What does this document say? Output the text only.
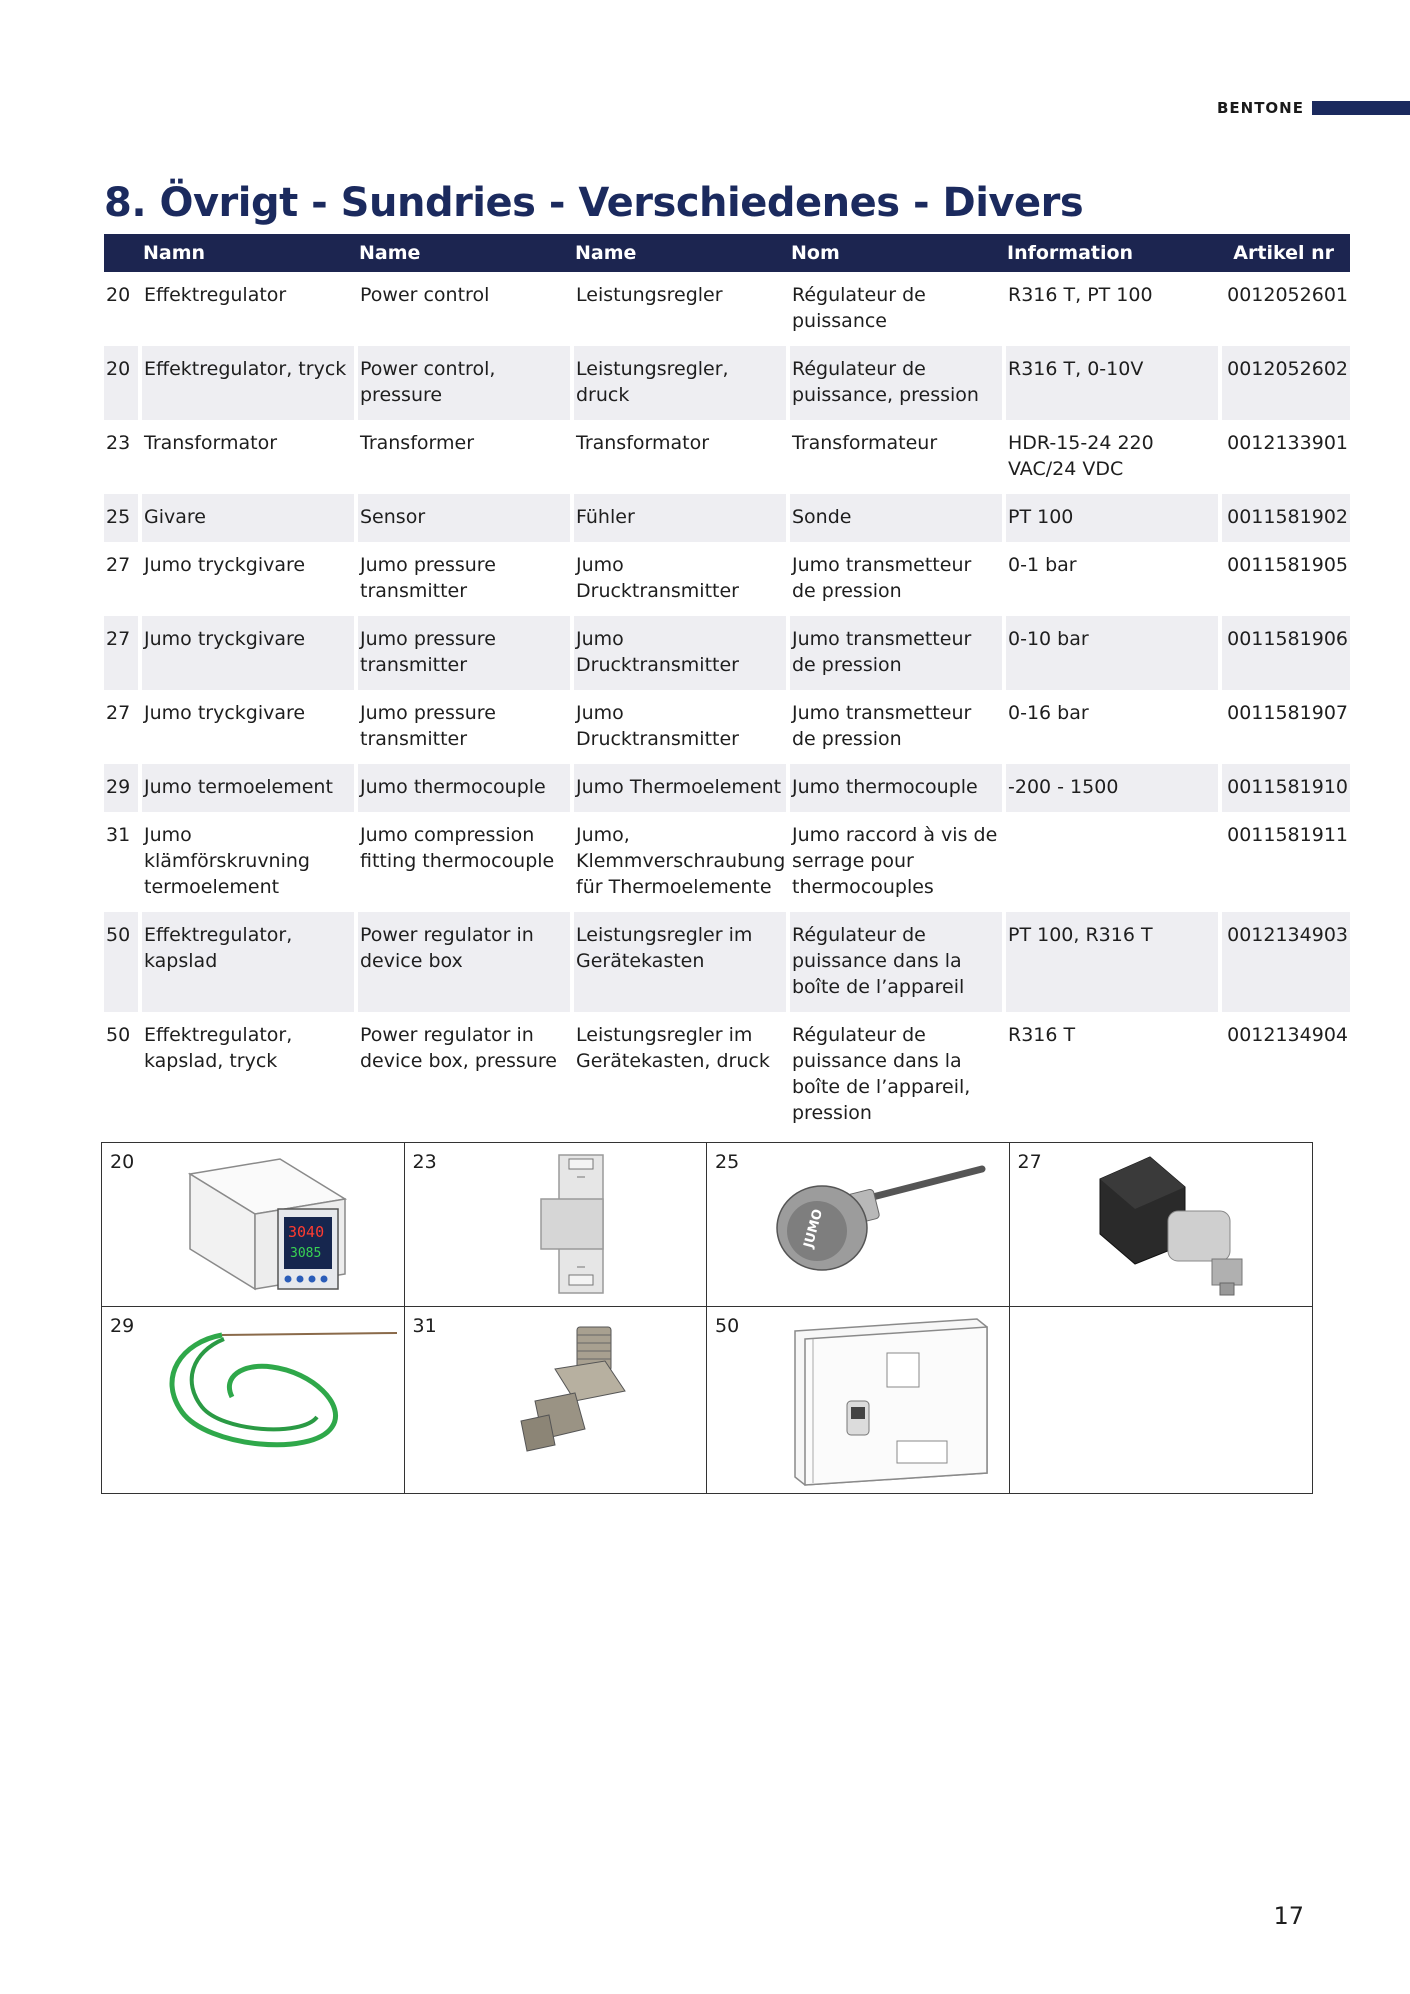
BENTONE
8. Övrigt - Sundries - Verschiedenes - Divers

	Namn	Name	Name	Nom	Information	Artikel nr
20	Effektregulator	Power control	Leistungsregler	Régulateur de puissance	R316 T, PT 100	0012052601
20	Effektregulator, tryck	Power control, pressure	Leistungsregler, druck	Régulateur de puissance, pression	R316 T, 0-10V	0012052602
23	Transformator	Transformer	Transformator	Transformateur	HDR-15-24 220 VAC/24 VDC	0012133901
25	Givare	Sensor	Fühler	Sonde	PT 100	0011581902
27	Jumo tryckgivare	Jumo pressure transmitter	Jumo Drucktransmitter	Jumo transmetteur de pression	0-1 bar	0011581905
27	Jumo tryckgivare	Jumo pressure transmitter	Jumo Drucktransmitter	Jumo transmetteur de pression	0-10 bar	0011581906
27	Jumo tryckgivare	Jumo pressure transmitter	Jumo Drucktransmitter	Jumo transmetteur de pression	0-16 bar	0011581907
29	Jumo termoelement	Jumo thermocouple	Jumo Thermoelement	Jumo thermocouple	-200 - 1500	0011581910
31	Jumo klämförskruvning termoelement	Jumo compression fitting thermocouple	Jumo, Klemmverschraubung für Thermoelemente	Jumo raccord à vis de serrage pour thermocouples		0011581911
50	Effektregulator, kapslad	Power regulator in device box	Leistungsregler im Gerätekasten	Régulateur de puissance dans la boîte de l’appareil	PT 100, R316 T	0012134903
50	Effektregulator, kapslad, tryck	Power regulator in device box, pressure	Leistungsregler im Gerätekasten, druck	Régulateur de puissance dans la boîte de l’appareil, pression	R316 T	0012134904
20
3040
3085
23	25
JUMO
27
29	31	50
17
